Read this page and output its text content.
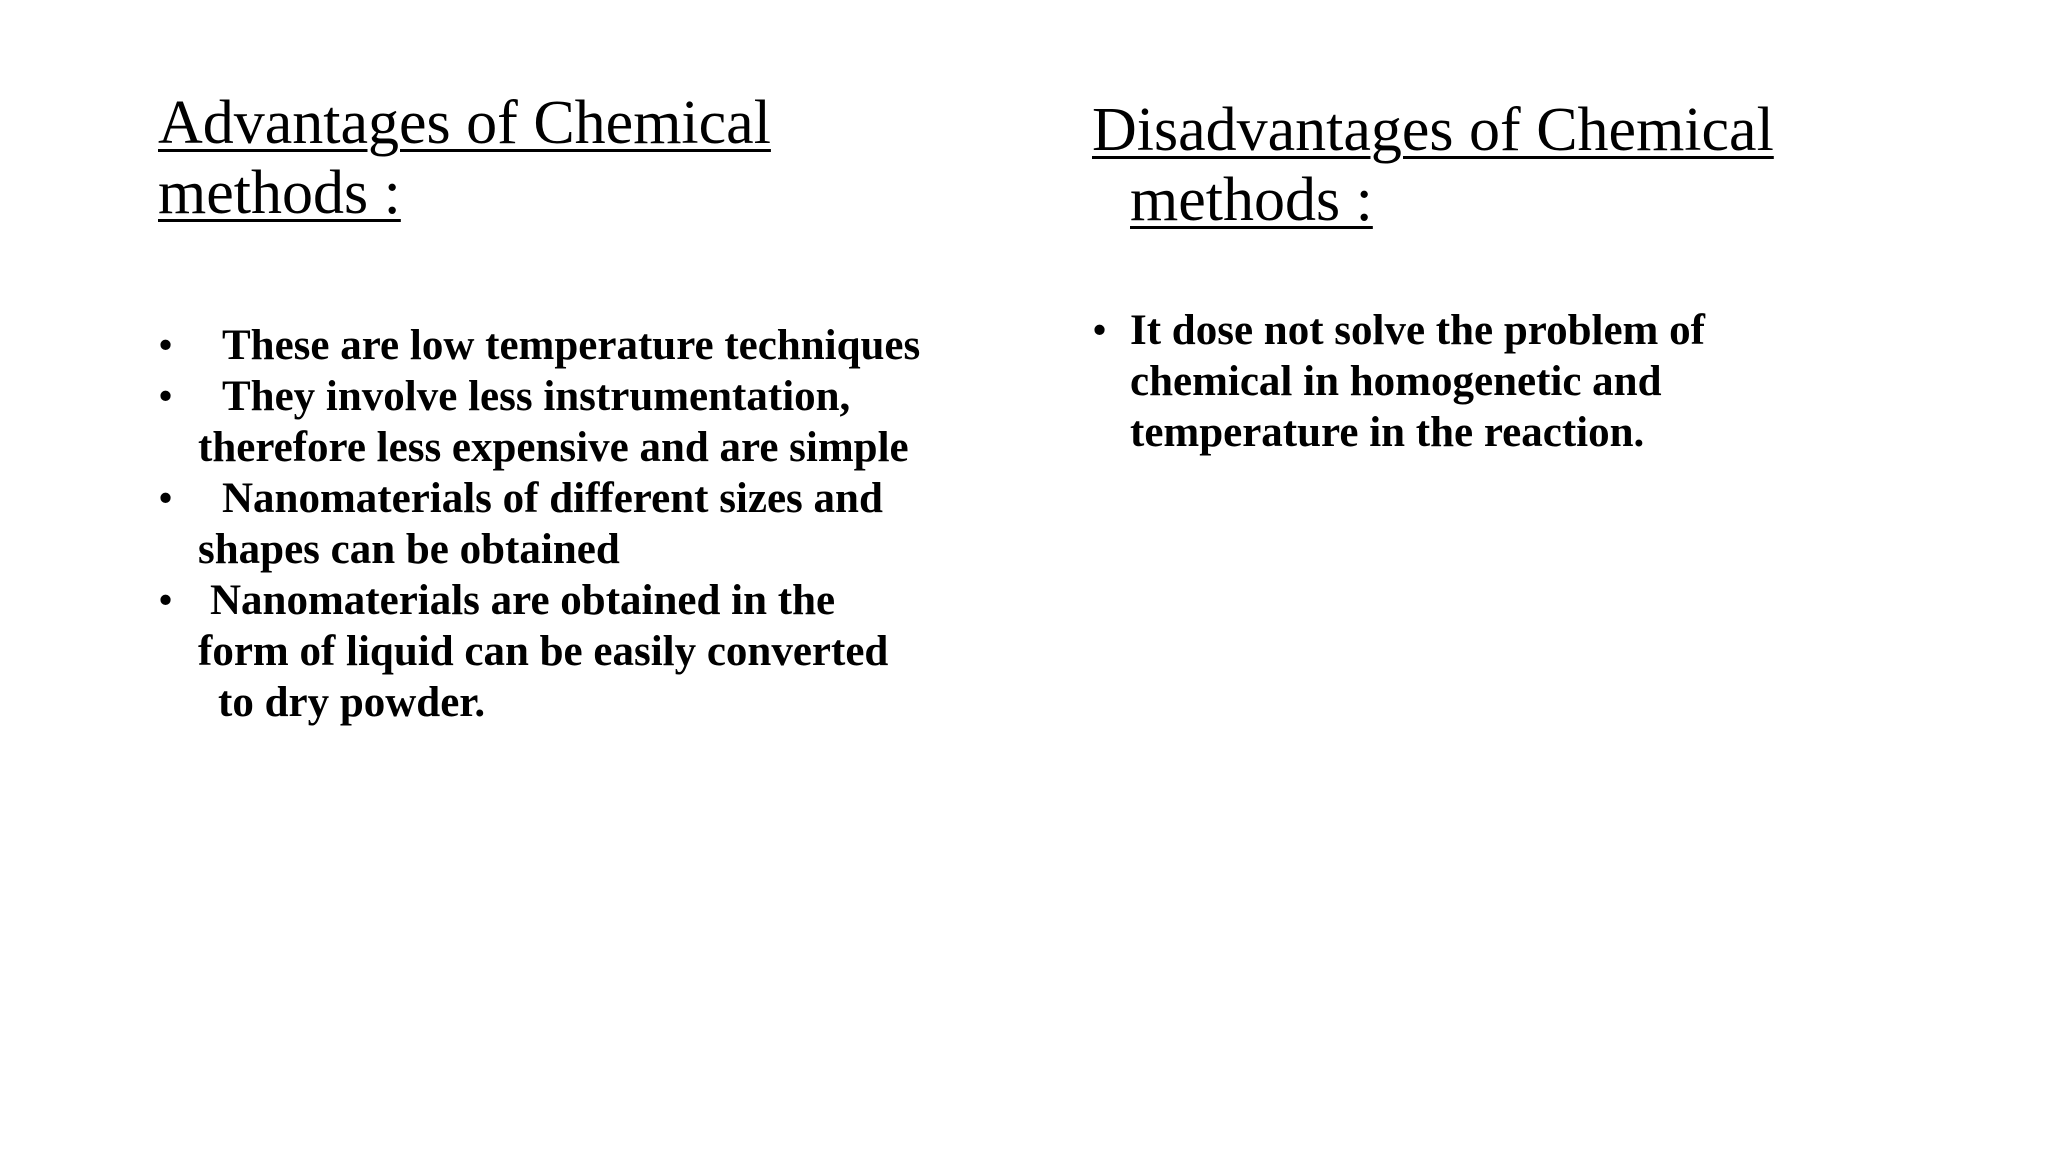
Advantages of Chemical
methods :
• These are low temperature techniques
• They involve less instrumentation,
therefore less expensive and are simple
• Nanomaterials of different sizes and
shapes can be obtained
• Nanomaterials are obtained in the
form of liquid can be easily converted
to dry powder.
Disadvantages of Chemical
methods :
• It dose not solve the problem of
chemical in homogenetic and
temperature in the reaction.
